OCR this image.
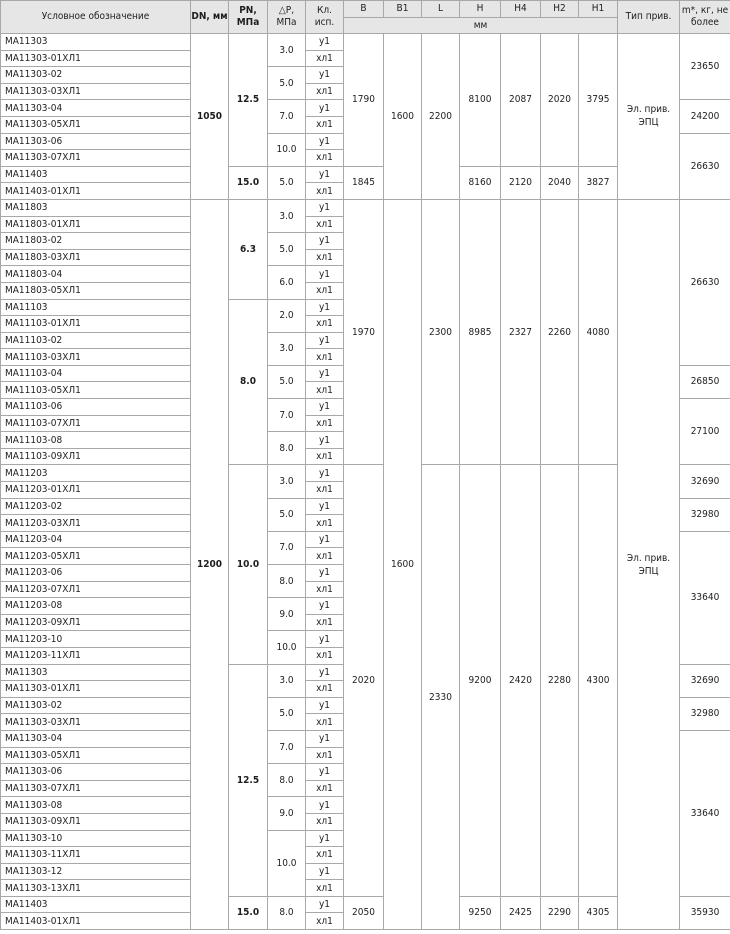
Условное обозначение	DN, мм	PN, МПа	△P, МПа	Кл. исп.	B	B1	L	H	H4	H2	H1	Тип прив.	m*, кг, не более
					мм								
МА11303	1050	12.5	3.0	у1	1790	1600	2200	8100	2087	2020	3795	Эл. прив. ЭПЦ	23650
МА11303-01ХЛ1				хл1									
МА11303-02			5.0	у1									
МА11303-03ХЛ1				хл1									
МА11303-04			7.0	у1									24200
МА11303-05ХЛ1				хл1									
МА11303-06			10.0	у1									26630
МА11303-07ХЛ1				хл1									
МА11403		15.0	5.0	у1	1845			8160	2120	2040	3827		
МА11403-01ХЛ1				хл1									
МА11803	1200	6.3	3.0	у1	1970	1600	2300	8985	2327	2260	4080	Эл. прив. ЭПЦ	26630
МА11803-01ХЛ1				хл1									
МА11803-02			5.0	у1									
МА11803-03ХЛ1				хл1									
МА11803-04			6.0	у1									
МА11803-05ХЛ1				хл1									
МА11103		8.0	2.0	у1									
МА11103-01ХЛ1				хл1									
МА11103-02			3.0	у1									
МА11103-03ХЛ1				хл1									
МА11103-04			5.0	у1									26850
МА11103-05ХЛ1				хл1									
МА11103-06			7.0	у1									27100
МА11103-07ХЛ1				хл1									
МА11103-08			8.0	у1									
МА11103-09ХЛ1				хл1									
МА11203		10.0	3.0	у1	2020		2330	9200	2420	2280	4300		32690
МА11203-01ХЛ1				хл1									
МА11203-02			5.0	у1									32980
МА11203-03ХЛ1				хл1									
МА11203-04			7.0	у1									33640
МА11203-05ХЛ1				хл1									
МА11203-06			8.0	у1									
МА11203-07ХЛ1				хл1									
МА11203-08			9.0	у1									
МА11203-09ХЛ1				хл1									
МА11203-10			10.0	у1									
МА11203-11ХЛ1				хл1									
МА11303		12.5	3.0	у1									32690
МА11303-01ХЛ1				хл1									
МА11303-02			5.0	у1									32980
МА11303-03ХЛ1				хл1									
МА11303-04			7.0	у1									33640
МА11303-05ХЛ1				хл1									
МА11303-06			8.0	у1									
МА11303-07ХЛ1				хл1									
МА11303-08			9.0	у1									
МА11303-09ХЛ1				хл1									
МА11303-10			10.0	у1									
МА11303-11ХЛ1				хл1									
МА11303-12				у1									
МА11303-13ХЛ1				хл1									
МА11403		15.0	8.0	у1	2050			9250	2425	2290	4305		35930
МА11403-01ХЛ1				хл1									
